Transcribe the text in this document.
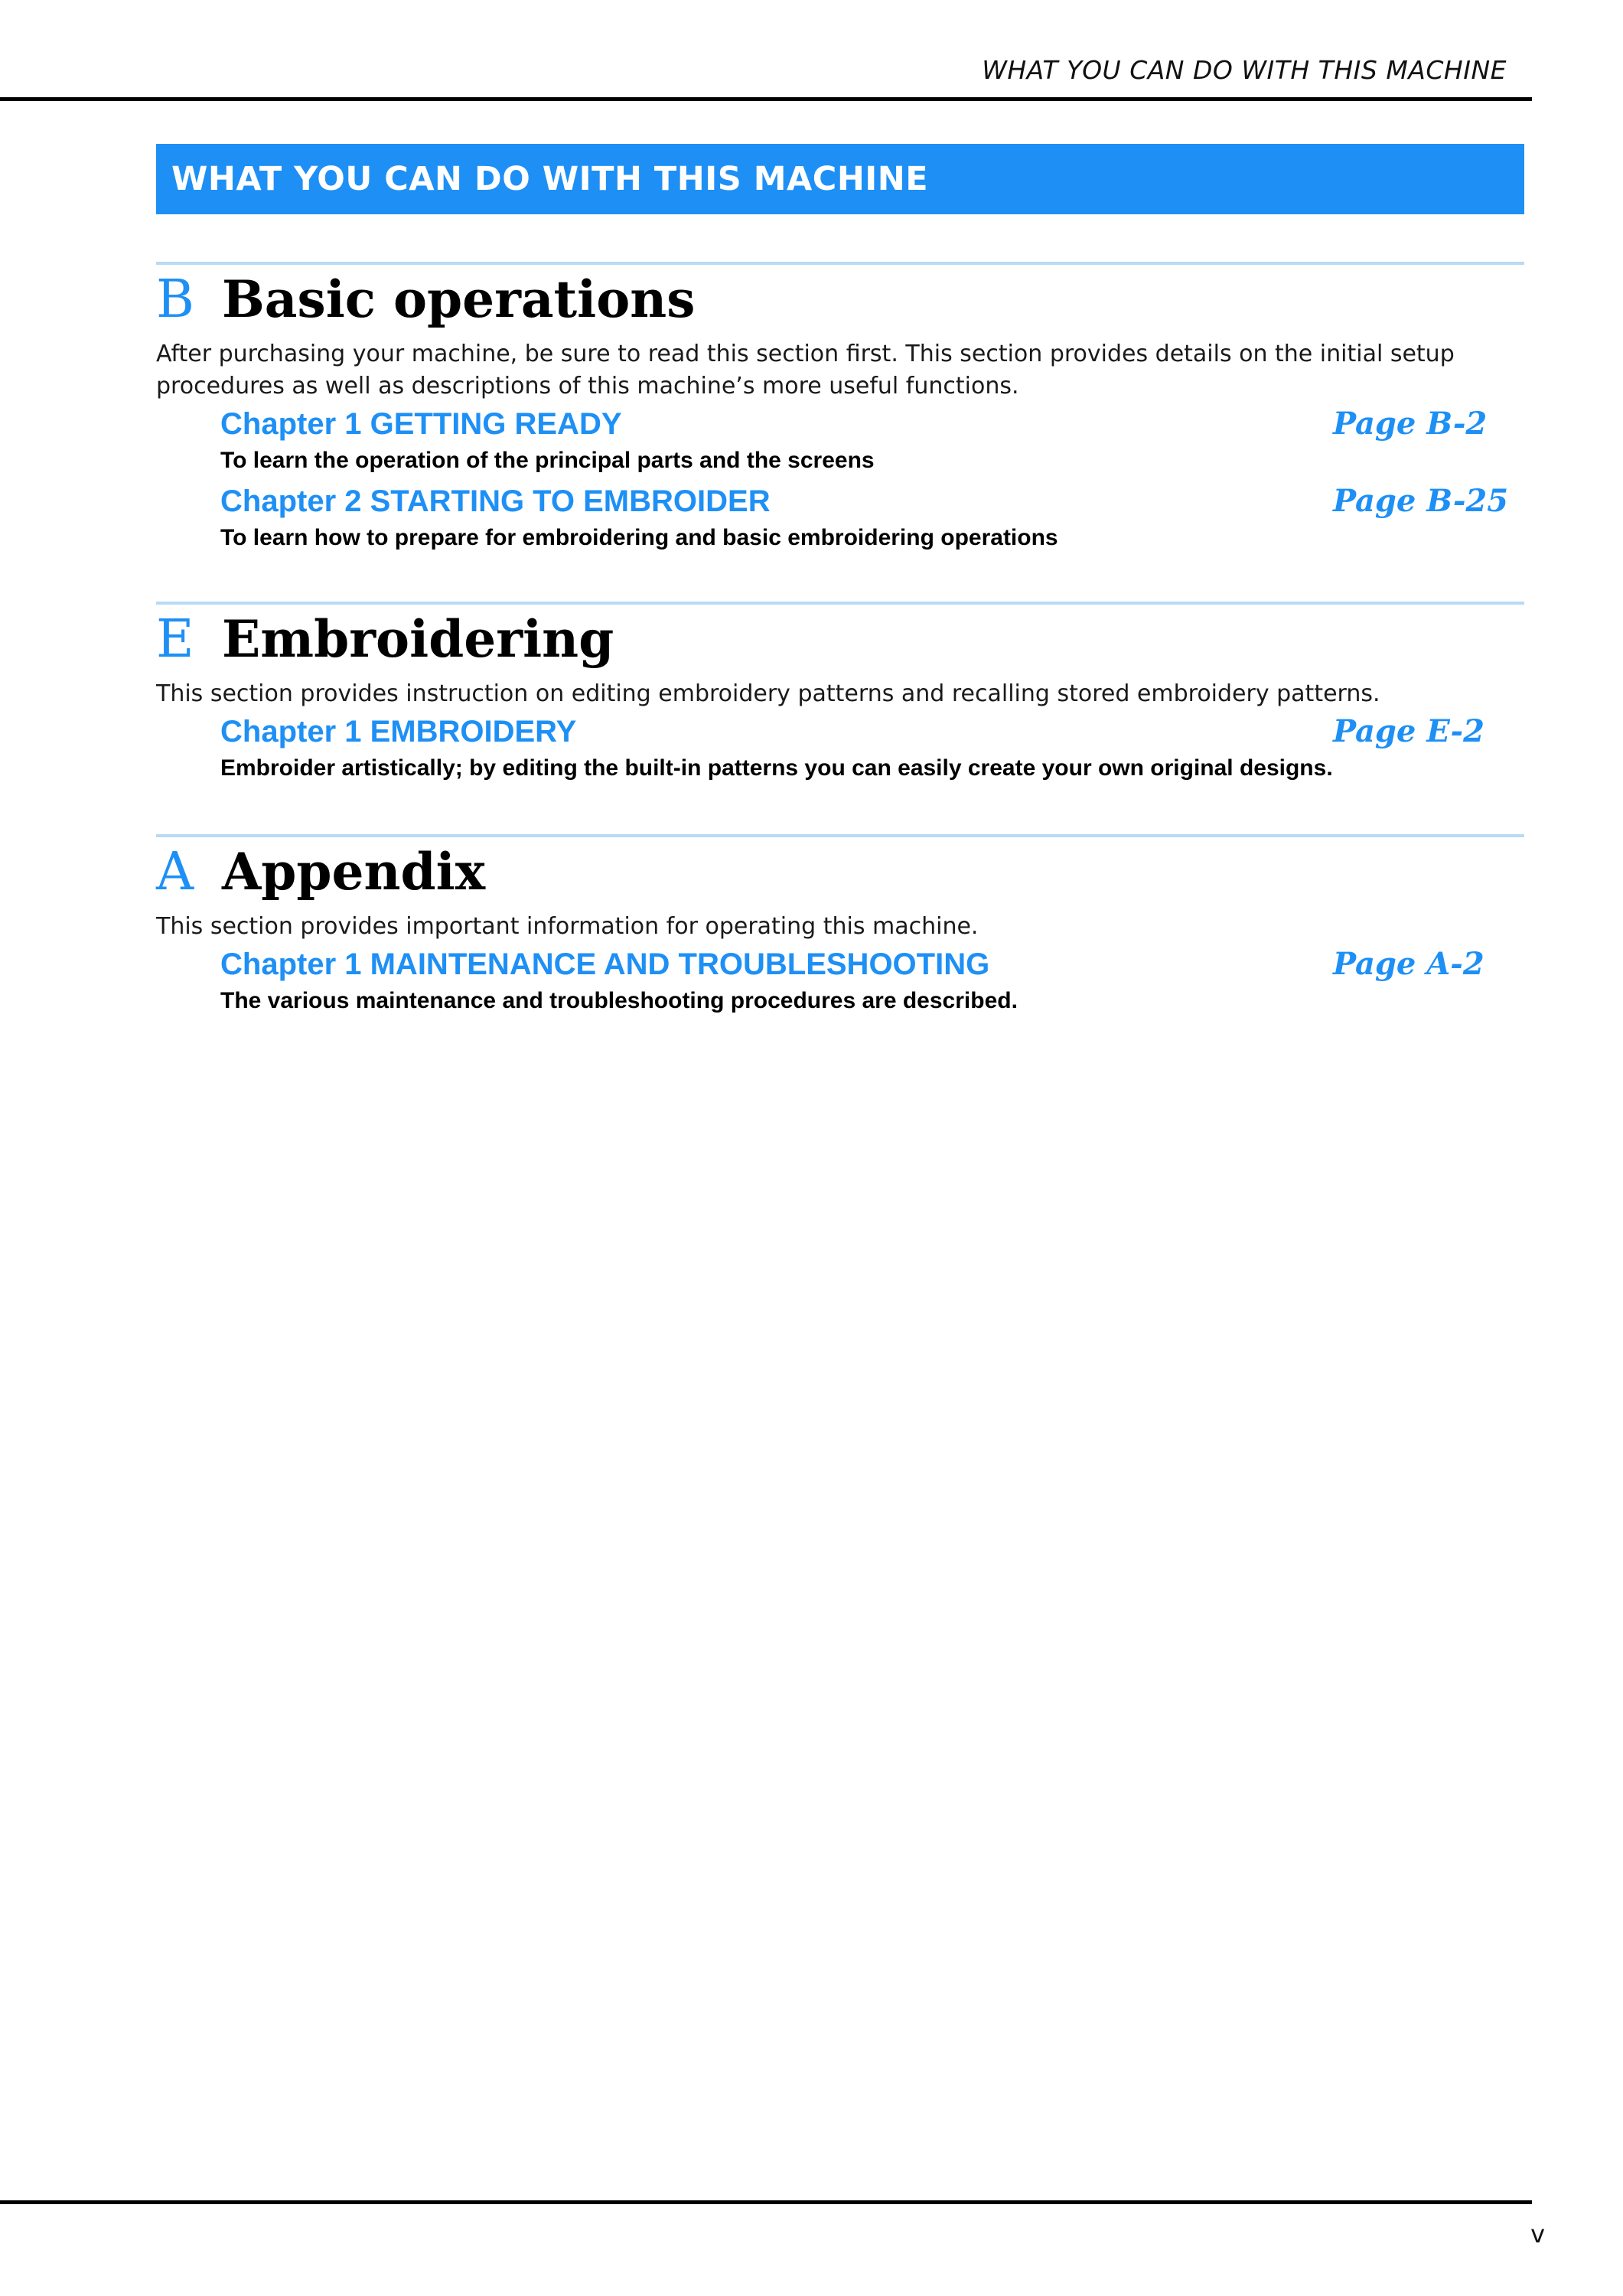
WHAT YOU CAN DO WITH THIS MACHINE
WHAT YOU CAN DO WITH THIS MACHINE
B Basic operations
After purchasing your machine, be sure to read this section first. This section provides details on the initial setup procedures as well as descriptions of this machine’s more useful functions.
Chapter 1 GETTING READY	Page B-2
To learn the operation of the principal parts and the screens
Chapter 2 STARTING TO EMBROIDER	Page B-25
To learn how to prepare for embroidering and basic embroidering operations
E Embroidering
This section provides instruction on editing embroidery patterns and recalling stored embroidery patterns.
Chapter 1 EMBROIDERY	Page E-2
Embroider artistically; by editing the built-in patterns you can easily create your own original designs.
A Appendix
This section provides important information for operating this machine.
Chapter 1 MAINTENANCE AND TROUBLESHOOTING	Page A-2
The various maintenance and troubleshooting procedures are described.
v
